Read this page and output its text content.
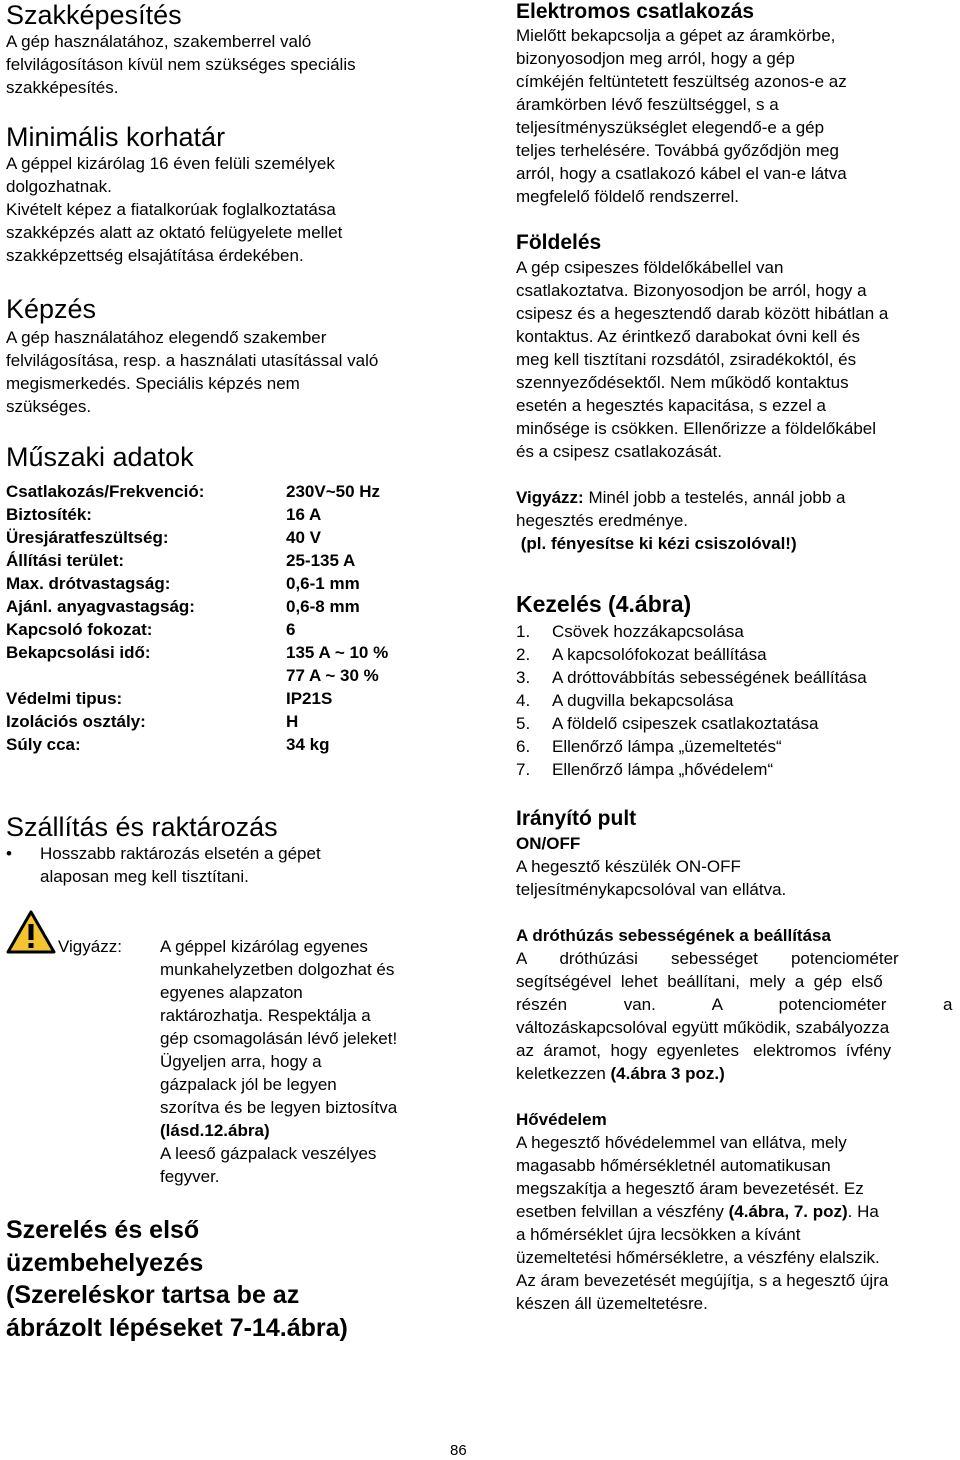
Szakképesítés

A gép használatához, szakemberrel való

felvilágosításon kívül nem szükséges speciális

szakképesítés.

Minimális korhatár

A géppel kizárólag 16 éven felüli személyek

dolgozhatnak.

Kivételt képez a fiatalkorúak foglalkoztatása

szakképzés alatt az oktató felügyelete mellet

szakképzettség elsajátítása érdekében.

Képzés

A gép használatához elegendő szakember

felvilágosítása, resp. a használati utasítással való

megismerkedés. Speciális képzés nem

szükséges.

Műszaki adatok
Csatlakozás/Frekvenció:	230V~50 Hz
Biztosíték:	16 A
Üresjáratfeszültség:	40 V
Állítási terület:	25-135 A
Max. drótvastagság:	0,6-1 mm
Ajánl. anyagvastagság:	0,6-8 mm
Kapcsoló fokozat:	6
Bekapcsolási idő:	135 A ~ 10 %
77 A ~ 30 %
Védelmi tipus:	IP21S
Izolációs osztály:	H
Súly cca:	34 kg
Szállítás és raktározás
•	Hosszabb raktározás elsetén a gépet

alaposan meg kell tisztítani.

Vigyázz:	A géppel kizárólag egyenes

munkahelyzetben dolgozhat és

egyenes alapzaton

raktározhatja. Respektálja a

gép csomagolásán lévő jeleket!

Ügyeljen arra, hogy a

gázpalack jól be legyen

szorítva és be legyen biztosítva

(lásd.12.ábra)

A leeső gázpalack veszélyes

fegyver.

Szerelés és első
üzembehelyezés
(Szereléskor tartsa be az
ábrázolt lépéseket 7-14.ábra)
Elektromos csatlakozás

Mielőtt bekapcsolja a gépet az áramkörbe,

bizonyosodjon meg arról, hogy a gép

címkéjén feltüntetett feszültség azonos-e az

áramkörben lévő feszültséggel, s a

teljesítményszükséglet elegendő-e a gép

teljes terhelésére. Továbbá győződjön meg

arról, hogy a csatlakozó kábel el van-e látva

megfelelő földelő rendszerrel.

Földelés

A gép csipeszes földelőkábellel van

csatlakoztatva. Bizonyosodjon be arról, hogy a

csipesz és a hegesztendő darab között hibátlan a

kontaktus. Az érintkező darabokat óvni kell és

meg kell tisztítani rozsdától, zsiradékoktól, és

szennyeződésektől. Nem működő kontaktus

esetén a hegesztés kapacitása, s ezzel a

minősége is csökken. Ellenőrizze a földelőkábel

és a csipesz csatlakozását.

Vigyázz: Minél jobb a testelés, annál jobb a

hegesztés eredménye.

(pl. fényesítse ki kézi csiszolóval!)

Kezelés (4.ábra)
1.	Csövek hozzákapcsolása
2.	A kapcsolófokozat beállítása
3.	A dróttovábbítás sebességének beállítása
4.	A dugvilla bekapcsolása
5.	A földelő csipeszek csatlakoztatása
6.	Ellenőrző lámpa „üzemeltetés“
7.	Ellenőrző lámpa „hővédelem“
Irányító pult

ON/OFF

A hegesztő készülék ON-OFF

teljesítménykapcsolóval van ellátva.

A dróthúzás sebességének a beállítása

A       dróthúzási       sebességet       potenciométer

segítségével  lehet  beállítani,  mely  a  gép  első

részén            van.            A            potenciométer            a

változáskapcsolóval együtt működik, szabályozza

az  áramot,  hogy  egyenletes   elektromos  ívfény

keletkezzen (4.ábra 3 poz.)

Hővédelem

A hegesztő hővédelemmel van ellátva, mely

magasabb hőmérsékletnél automatikusan

megszakítja a hegesztő áram bevezetését. Ez

esetben felvillan a vészfény (4.ábra, 7. poz). Ha

a hőmérséklet újra lecsökken a kívánt

üzemeltetési hőmérsékletre, a vészfény elalszik.

Az áram bevezetését megújítja, s a hegesztő újra

készen áll üzemeltetésre.

86
